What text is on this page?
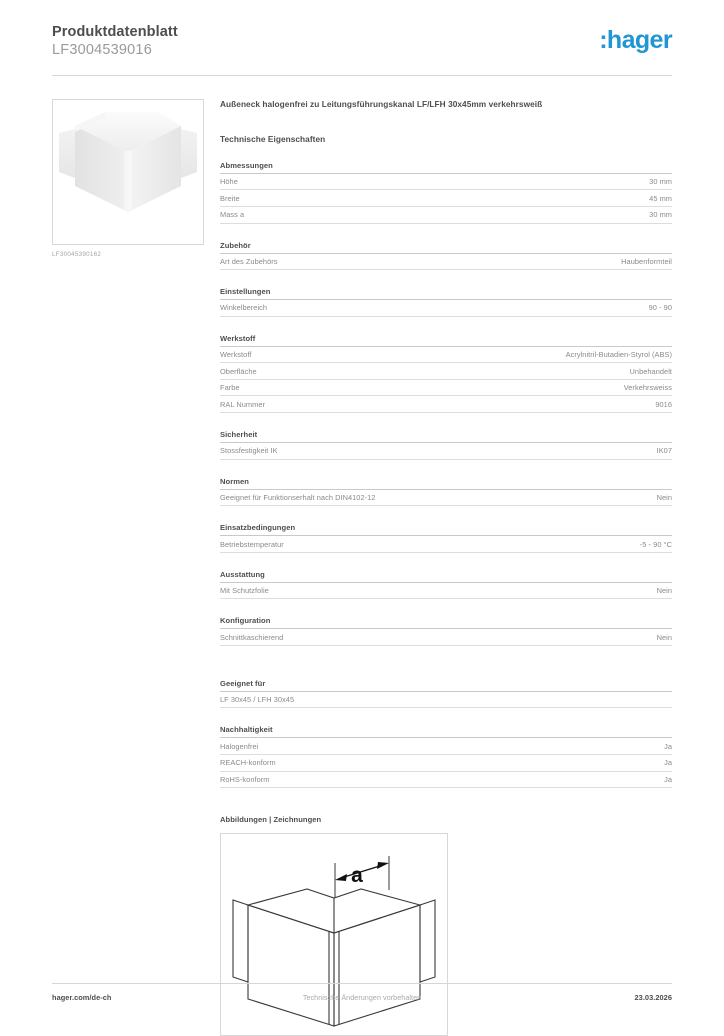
Produktdatenblatt
LF3004539016	:hager
LF30045390162
Außeneck halogenfrei zu Leitungsführungskanal LF/LFH 30x45mm verkehrsweiß
Technische Eigenschaften
Abmessungen
Höhe	30 mm
Breite	45 mm
Mass a	30 mm
Zubehör
Art des Zubehörs	Haubenformteil
Einstellungen
Winkelbereich	90 - 90
Werkstoff
Werkstoff	Acrylnitril-Butadien-Styrol (ABS)
Oberfläche	Unbehandelt
Farbe	Verkehrsweiss
RAL Nummer	9016
Sicherheit
Stossfestigkeit IK	IK07
Normen
Geeignet für Funktionserhalt nach DIN4102-12	Nein
Einsatzbedingungen
Betriebstemperatur	-5 - 90 °C
Ausstattung
Mit Schutzfolie	Nein
Konfiguration
Schnittkaschierend	Nein
Geeignet für
LF 30x45 / LFH 30x45
Nachhaltigkeit
Halogenfrei	Ja
REACH-konform	Ja
RoHS-konform	Ja
Abbildungen | Zeichnungen
a
hager.com/de-ch	Technische Änderungen vorbehalten	23.03.2026
